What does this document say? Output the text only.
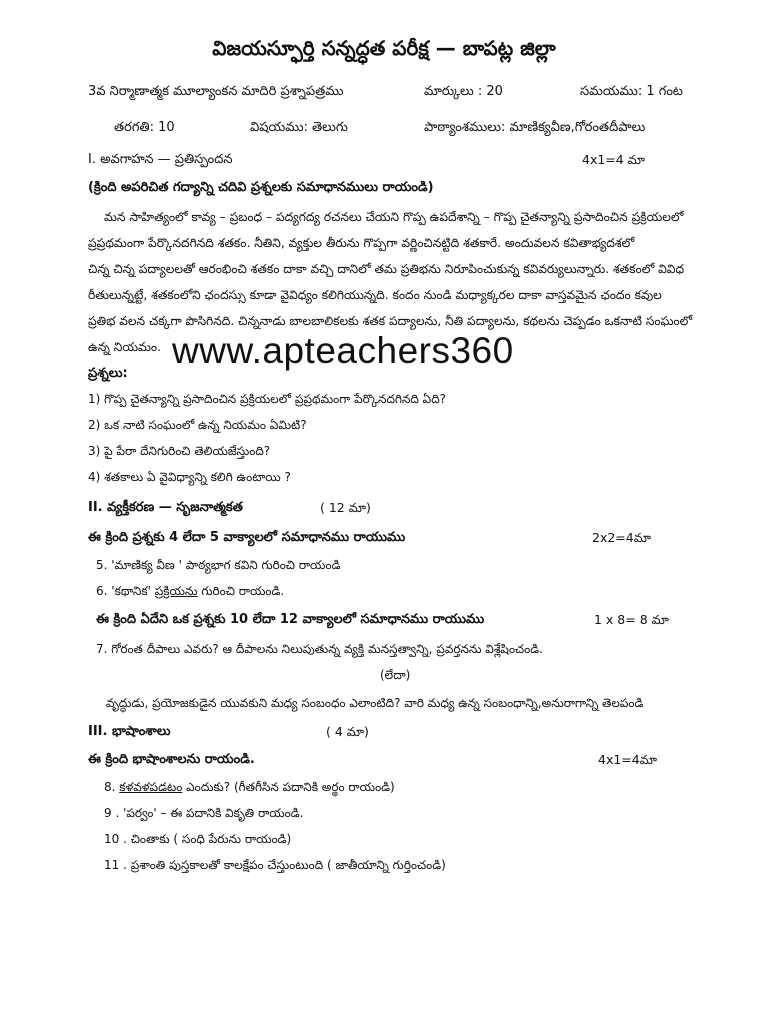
విజయస్ఫూర్తి సన్నద్ధత పరీక్ష — బాపట్ల జిల్లా
3వ నిర్మాణాత్మక మూల్యాంకన మాదిరి ప్రశ్నాపత్రము	మార్కులు : 20	సమయము: 1 గంట
తరగతి: 10	విషయము: తెలుగు	పాఠ్యాంశములు: మాణిక్యవీణ,గోరంతదీపాలు
I. అవగాహన — ప్రతిస్పందన	4x1=4 మా
(క్రింది అపరిచిత గద్యాన్ని చదివి ప్రశ్నలకు సమాధానములు రాయండి)
మన సాహిత్యంలో కావ్య – ప్రబంధ – పద్యగద్య రచనలు చేయని గొప్ప ఉపదేశాన్ని – గొప్ప చైతన్యాన్ని ప్రసాదించిన ప్రక్రియలలో
ప్రప్రథమంగా పేర్కొనదగినది శతకం. నీతిని, వ్యక్తుల తీరును గొప్పగా వర్ణించినట్టిది శతకారే. అందువలన కవితాభ్యదశలో
చిన్న చిన్న పద్యాలలతో ఆరంభించి శతకం దాకా వచ్చి దానిలో తమ ప్రతిభను నిరూపించుకున్న కవివర్యులున్నారు. శతకంలో వివిధ
రీతులున్నట్టే, శతకంలోని ఛందస్సు కూడా వైవిధ్యం కలిగియున్నది. కందం నుండి మధ్యాక్కరల దాకా వాస్తవమైన ఛందం కవుల
ప్రతిభ వలన చక్కగా పొసిగినది. చిన్ననాడు బాలబాలికలకు శతక పద్యాలను, నీతి పద్యాలను, కథలను చెప్పడం ఒకనాటి సంఘంలో
ఉన్న నియమం. www.apteachers360
ప్రశ్నలు:
1) గొప్ప చైతన్యాన్ని ప్రసాదించిన ప్రక్రియలలో ప్రప్రథమంగా పేర్కొనదగినది ఏది?
2) ఒక నాటి సంఘంలో ఉన్న నియమం ఏమిటి?
3) పై పేరా దేనిగురించి తెలియజేస్తుంది?
4) శతకాలు ఏ వైవిధ్యాన్ని కలిగి ఉంటాయి ?
II. వ్యక్తీకరణ — సృజనాత్మకత	( 12 మా)
ఈ క్రింది ప్రశ్నకు 4 లేదా 5 వాక్యాలలో సమాధానము రాయుము	2x2=4మా
5. 'మాణిక్య వీణ ' పాఠ్యభాగ కవిని గురించి రాయండి
6. 'కథానిక' ప్రక్రియను గురించి రాయండి.
ఈ క్రింది ఏదేని ఒక ప్రశ్నకు 10 లేదా 12 వాక్యాలలో సమాధానము రాయుము	1 x 8= 8 మా
7. గోరంత దీపాలు ఎవరు? ఆ దీపాలను నిలుపుతున్న వ్యక్తి మనస్తత్వాన్ని, ప్రవర్తనను విశ్లేషించండి.
(లేదా)
వృద్ధుడు, ప్రయోజకుడైన యువకుని మధ్య సంబంధం ఎలాంటిది? వారి మధ్య ఉన్న సంబంధాన్ని,అనురాగాన్ని తెలపండి
III. భాషాంశాలు	( 4 మా)
ఈ క్రింది భాషాంశాలను రాయండి.	4x1=4మా
8. కళవళపడటం ఎందుకు? (గీతగీసిన పదానికి అర్థం రాయండి)
9 . 'పర్వం' – ఈ పదానికి వికృతి రాయండి.
10 . చింతాకు ( సంధి పేరును రాయండి)
11 . ప్రశాంతి పుస్తకాలతో కాలక్షేపం చేస్తుంటుంది ( జాతీయాన్ని గుర్తించండి)
